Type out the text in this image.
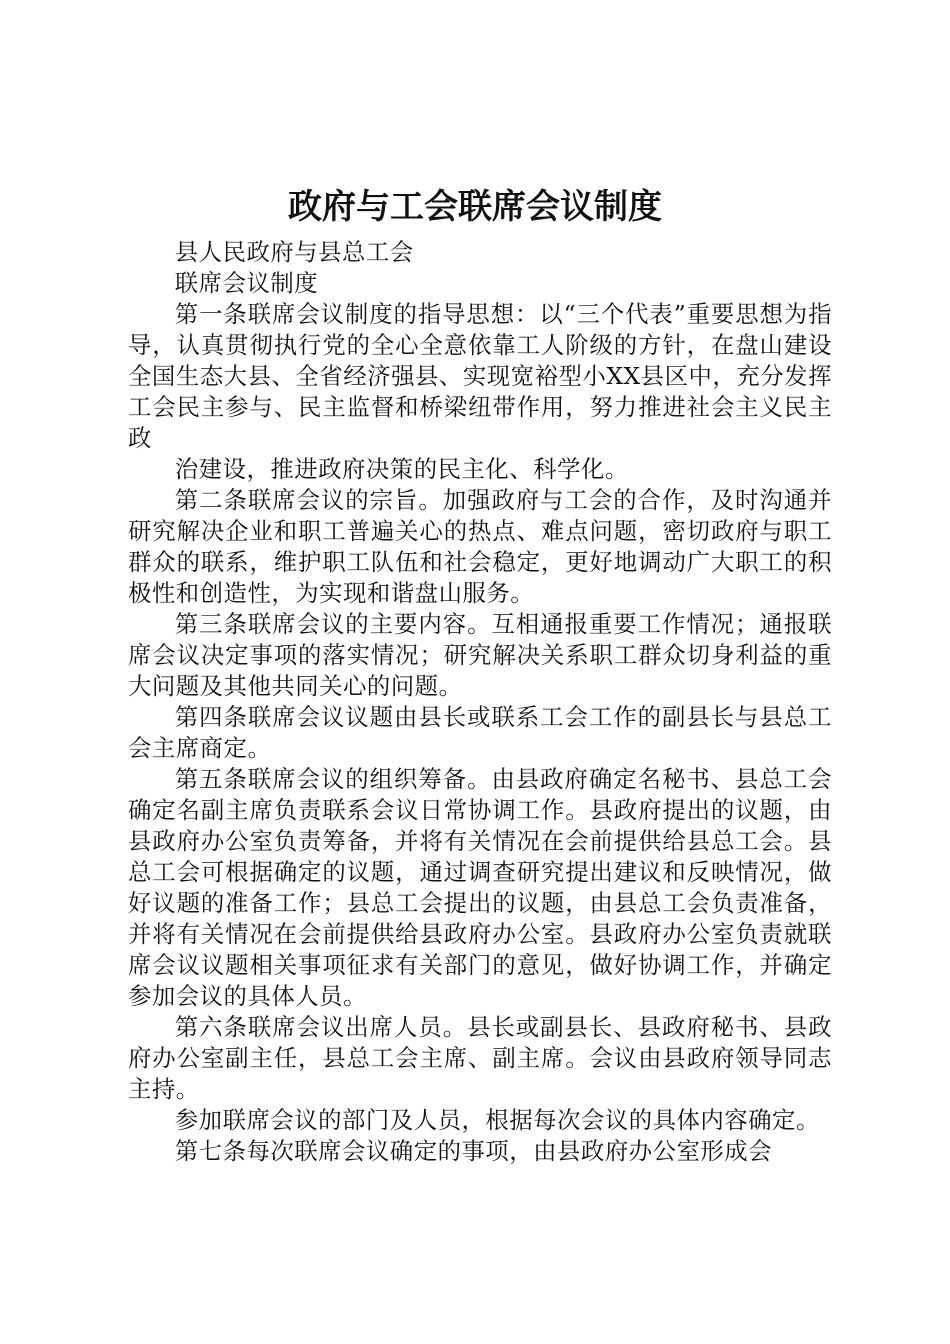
政府与工会联席会议制度

县人民政府与县总工会

联席会议制度

第一条联席会议制度的指导思想：以“三个代表”重要思想为指导，认真贯彻执行党的全心全意依靠工人阶级的方针，在盘山建设全国生态大县、全省经济强县、实现宽裕型小XX县区中，充分发挥工会民主参与、民主监督和桥梁纽带作用，努力推进社会主义民主政

治建设，推进政府决策的民主化、科学化。

第二条联席会议的宗旨。加强政府与工会的合作，及时沟通并研究解决企业和职工普遍关心的热点、难点问题，密切政府与职工群众的联系，维护职工队伍和社会稳定，更好地调动广大职工的积极性和创造性，为实现和谐盘山服务。

第三条联席会议的主要内容。互相通报重要工作情况；通报联席会议决定事项的落实情况；研究解决关系职工群众切身利益的重大问题及其他共同关心的问题。

第四条联席会议议题由县长或联系工会工作的副县长与县总工会主席商定。

第五条联席会议的组织筹备。由县政府确定名秘书、县总工会确定名副主席负责联系会议日常协调工作。县政府提出的议题，由县政府办公室负责筹备，并将有关情况在会前提供给县总工会。县总工会可根据确定的议题，通过调查研究提出建议和反映情况，做好议题的准备工作；县总工会提出的议题，由县总工会负责准备，并将有关情况在会前提供给县政府办公室。县政府办公室负责就联席会议议题相关事项征求有关部门的意见，做好协调工作，并确定参加会议的具体人员。

第六条联席会议出席人员。县长或副县长、县政府秘书、县政府办公室副主任，县总工会主席、副主席。会议由县政府领导同志主持。

参加联席会议的部门及人员，根据每次会议的具体内容确定。

第七条每次联席会议确定的事项，由县政府办公室形成会
